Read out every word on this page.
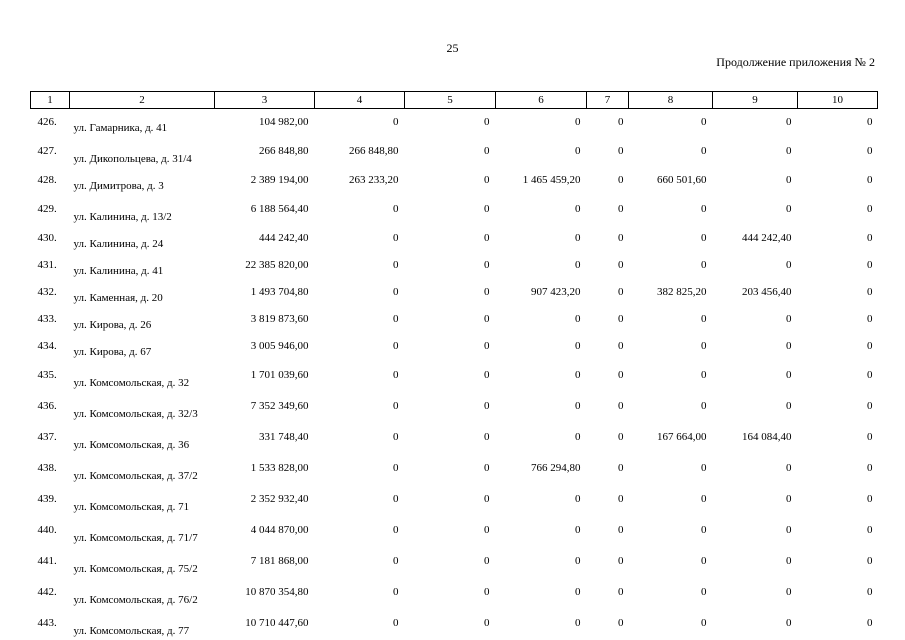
25
Продолжение приложения № 2
1	2	3	4	5	6	7	8	9	10
426.	ул. Гамарника, д. 41	104 982,00	0	0	0	0	0	0	0
427.	ул. Дикопольцева, д. 31/4	266 848,80	266 848,80	0	0	0	0	0	0
428.	ул. Димитрова, д. 3	2 389 194,00	263 233,20	0	1 465 459,20	0	660 501,60	0	0
429.	ул. Калинина, д. 13/2	6 188 564,40	0	0	0	0	0	0	0
430.	ул. Калинина, д. 24	444 242,40	0	0	0	0	0	444 242,40	0
431.	ул. Калинина, д. 41	22 385 820,00	0	0	0	0	0	0	0
432.	ул. Каменная, д. 20	1 493 704,80	0	0	907 423,20	0	382 825,20	203 456,40	0
433.	ул. Кирова, д. 26	3 819 873,60	0	0	0	0	0	0	0
434.	ул. Кирова, д. 67	3 005 946,00	0	0	0	0	0	0	0
435.	ул. Комсомольская, д. 32	1 701 039,60	0	0	0	0	0	0	0
436.	ул. Комсомольская, д. 32/3	7 352 349,60	0	0	0	0	0	0	0
437.	ул. Комсомольская, д. 36	331 748,40	0	0	0	0	167 664,00	164 084,40	0
438.	ул. Комсомольская, д. 37/2	1 533 828,00	0	0	766 294,80	0	0	0	0
439.	ул. Комсомольская, д. 71	2 352 932,40	0	0	0	0	0	0	0
440.	ул. Комсомольская, д. 71/7	4 044 870,00	0	0	0	0	0	0	0
441.	ул. Комсомольская, д. 75/2	7 181 868,00	0	0	0	0	0	0	0
442.	ул. Комсомольская, д. 76/2	10 870 354,80	0	0	0	0	0	0	0
443.	ул. Комсомольская, д. 77	10 710 447,60	0	0	0	0	0	0	0
